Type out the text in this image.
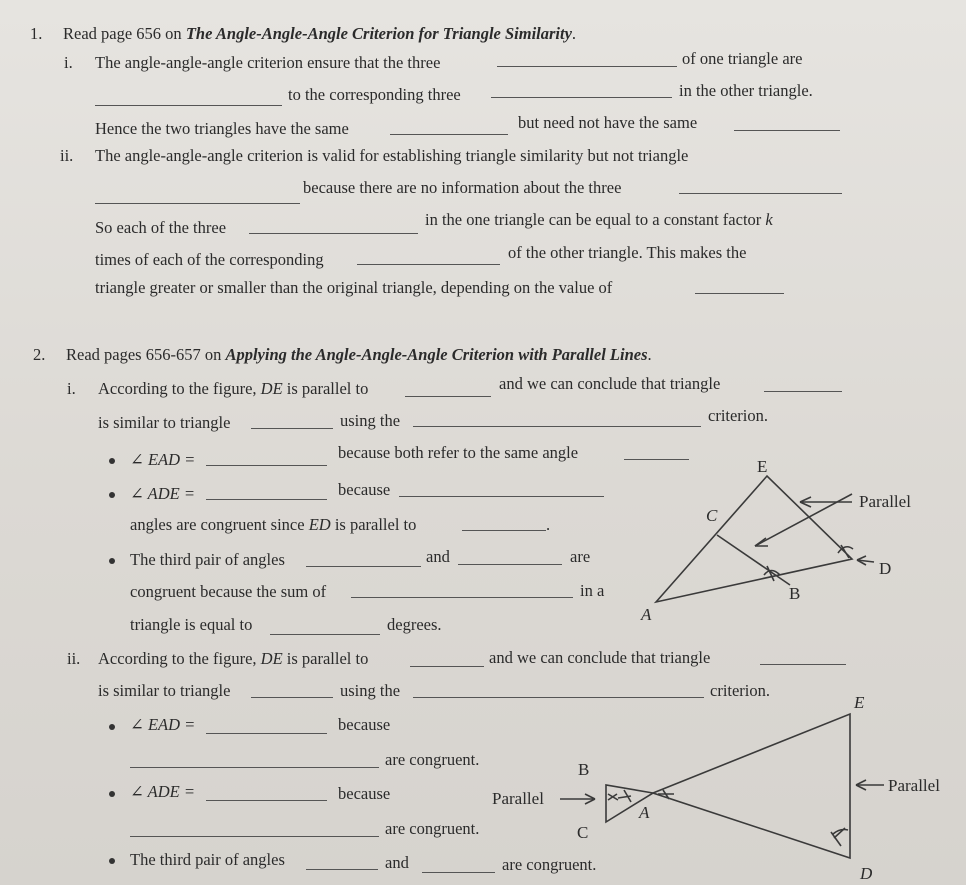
1. Read page 656 on The Angle-Angle-Angle Criterion for Triangle Similarity.
i. The angle-angle-angle criterion ensure that the three	of one triangle are
to the corresponding three	in the other triangle.
Hence the two triangles have the same	but need not have the same
ii. The angle-angle-angle criterion is valid for establishing triangle similarity but not triangle
because there are no information about the three
So each of the three	in the one triangle can be equal to a constant factor k
times of each of the corresponding	of the other triangle. This makes the
triangle greater or smaller than the original triangle, depending on the value of
2. Read pages 656-657 on Applying the Angle-Angle-Angle Criterion with Parallel Lines.
i. According to the figure, DE is parallel to	and we can conclude that triangle
is similar to triangle	using the	criterion.
∠ EAD =	because both refer to the same angle
∠ ADE =	because
angles are congruent since ED is parallel to	.
The third pair of angles	and	are
congruent because the sum of	in a
triangle is equal to	degrees.
ii. According to the figure, DE is parallel to	and we can conclude that triangle
is similar to triangle	using the	criterion.
∠ EAD =	because
are congruent.
∠ ADE =	because
are congruent.
The third pair of angles	and	are congruent.
E
C
D
B
A
Parallel
B
C
A
E
D
Parallel
Parallel
